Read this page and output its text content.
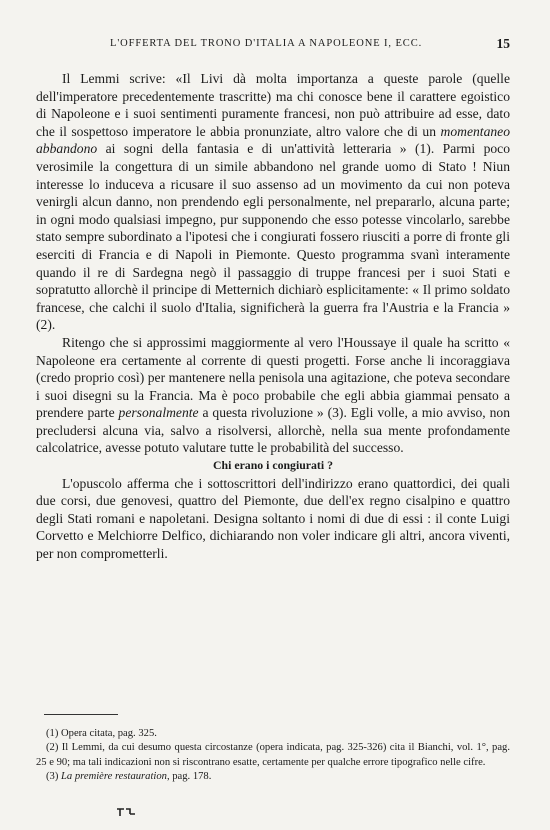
L'OFFERTA DEL TRONO D'ITALIA A NAPOLEONE I, ECC.	15

Il Lemmi scrive: «Il Livi dà molta importanza a queste parole (quelle dell'imperatore precedentemente trascritte) ma chi conosce bene il carattere egoistico di Napoleone e i suoi sentimenti puramente francesi, non può attribuire ad esse, dato che il sospettoso imperatore le abbia pronunziate, altro valore che di un momentaneo abbandono ai sogni della fantasia e di un'attività letteraria » (1). Parmi poco verosimile la congettura di un simile abbandono nel grande uomo di Stato ! Niun interesse lo induceva a ricusare il suo assenso ad un movimento da cui non poteva venirgli alcun danno, non prendendo egli personalmente, nel prepararlo, alcuna parte; in ogni modo qualsiasi impegno, pur supponendo che esso potesse vincolarlo, sarebbe stato sempre subordinato a l'ipotesi che i congiurati fossero riusciti a porre di fronte gli eserciti di Francia e di Napoli in Piemonte. Questo programma svanì interamente quando il re di Sardegna negò il passaggio di truppe francesi per i suoi Stati e sopratutto allorchè il principe di Metternich dichiarò esplicitamente: « Il primo soldato francese, che calchi il suolo d'Italia, significherà la guerra fra l'Austria e la Francia » (2).

Ritengo che si approssimi maggiormente al vero l'Houssaye il quale ha scritto « Napoleone era certamente al corrente di questi progetti. Forse anche li incoraggiava (credo proprio così) per mantenere nella penisola una agitazione, che poteva secondare i suoi disegni su la Francia. Ma è poco probabile che egli abbia giammai pensato a prendere parte personalmente a questa rivoluzione » (3). Egli volle, a mio avviso, non precludersi alcuna via, salvo a risolversi, allorchè, nella sua mente profondamente calcolatrice, avesse potuto valutare tutte le probabilità del successo.

Chi erano i congiurati ?

L'opuscolo afferma che i sottoscrittori dell'indirizzo erano quattordici, dei quali due corsi, due genovesi, quattro del Piemonte, due dell'ex regno cisalpino e quattro degli Stati romani e napoletani. Designa soltanto i nomi di due di essi : il conte Luigi Corvetto e Melchiorre Delfico, dichiarando non voler indicare gli altri, ancora viventi, per non comprometterli.

(1) Opera citata, pag. 325.

(2) Il Lemmi, da cui desumo questa circostanze (opera indicata, pag. 325-326) cita il Bianchi, vol. 1°, pag. 25 e 90; ma tali indicazioni non si riscontrano esatte, certamente per qualche errore tipografico nelle cifre.

(3) La première restauration, pag. 178.
